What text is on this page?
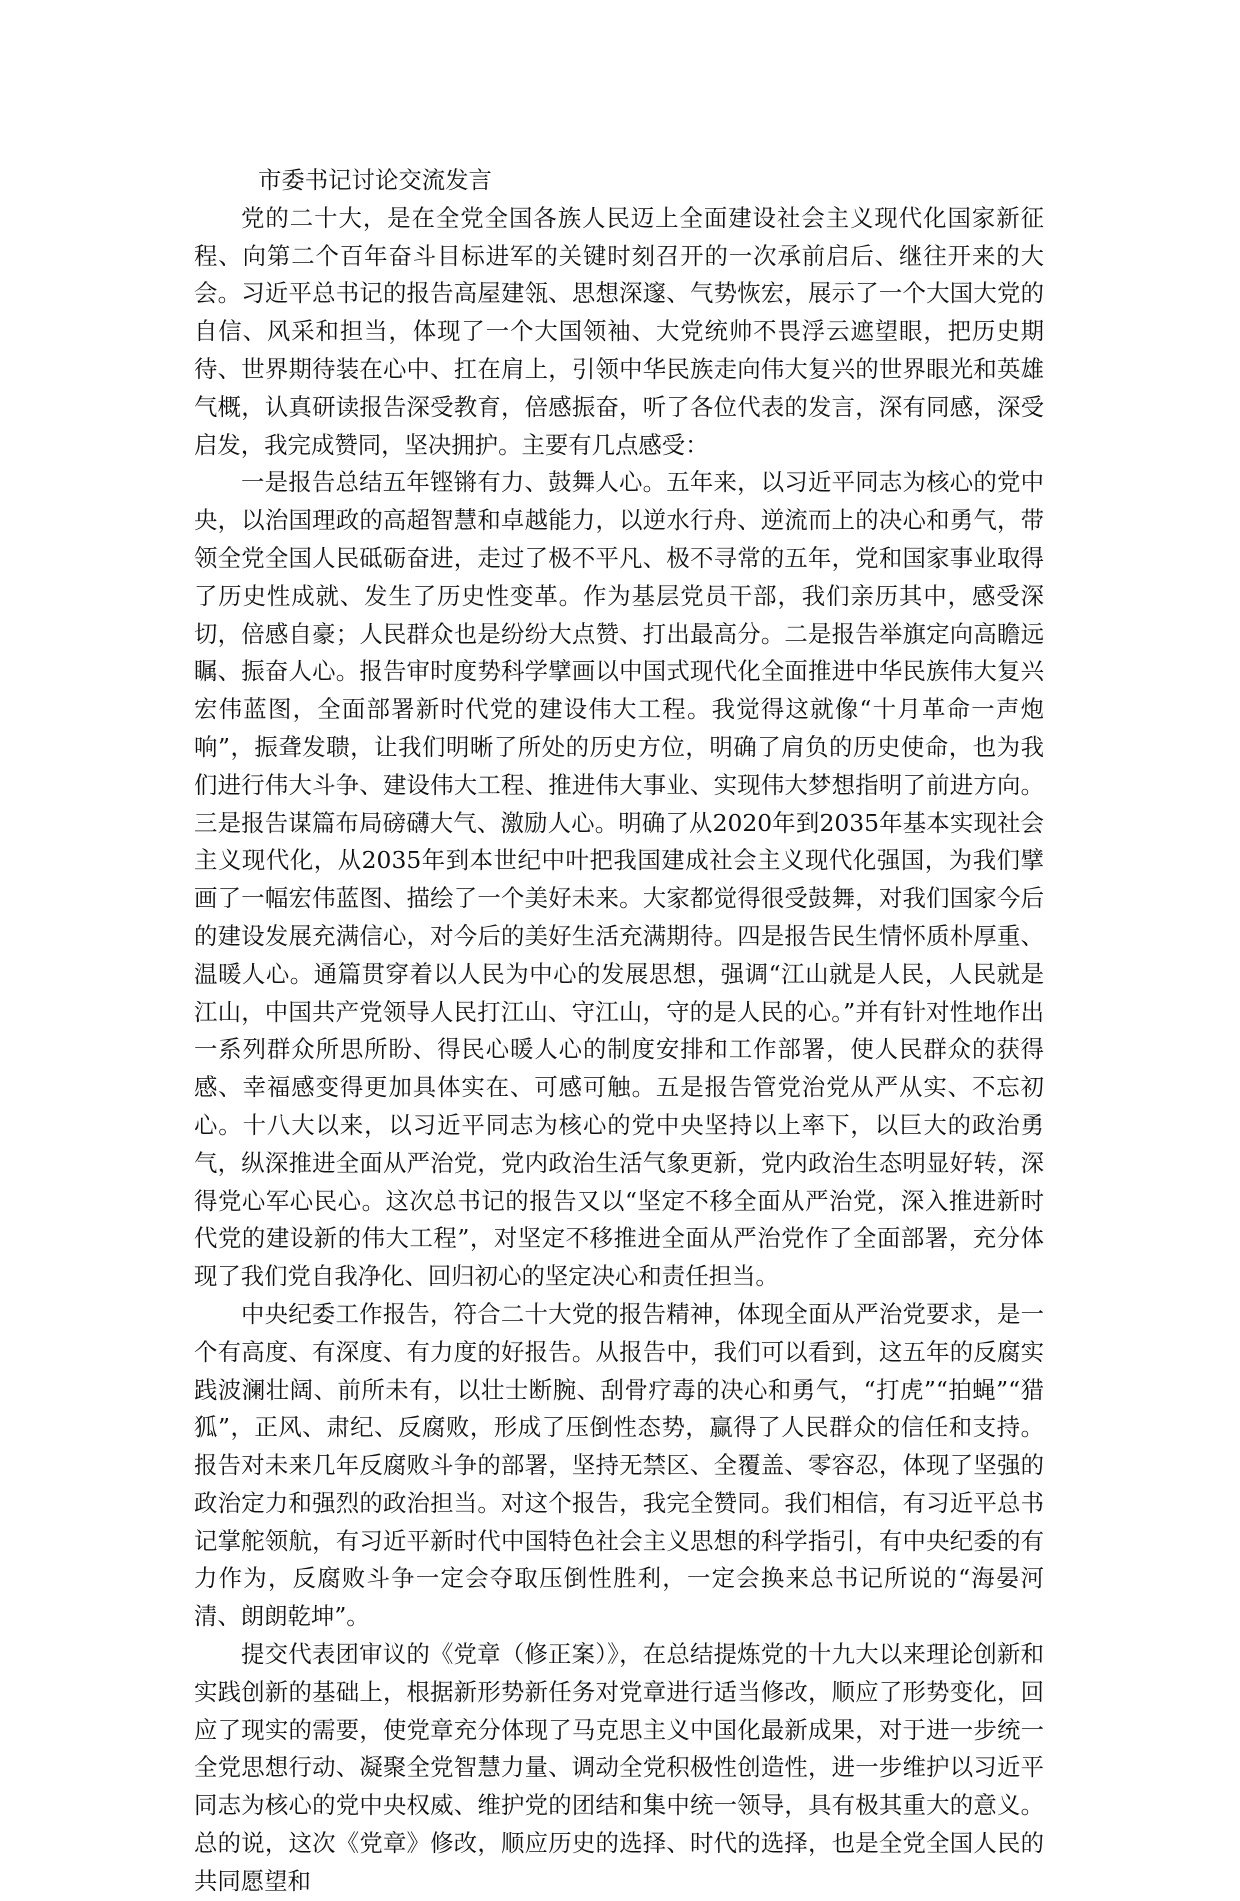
市委书记讨论交流发言

党的二十大，是在全党全国各族人民迈上全面建设社会主义现代化国家新征程、向第二个百年奋斗目标进军的关键时刻召开的一次承前启后、继往开来的大会。习近平总书记的报告高屋建瓴、思想深邃、气势恢宏，展示了一个大国大党的自信、风采和担当，体现了一个大国领袖、大党统帅不畏浮云遮望眼，把历史期待、世界期待装在心中、扛在肩上，引领中华民族走向伟大复兴的世界眼光和英雄气概，认真研读报告深受教育，倍感振奋，听了各位代表的发言，深有同感，深受启发，我完成赞同，坚决拥护。主要有几点感受：

一是报告总结五年铿锵有力、鼓舞人心。五年来，以习近平同志为核心的党中央，以治国理政的高超智慧和卓越能力，以逆水行舟、逆流而上的决心和勇气，带领全党全国人民砥砺奋进，走过了极不平凡、极不寻常的五年，党和国家事业取得了历史性成就、发生了历史性变革。作为基层党员干部，我们亲历其中，感受深切，倍感自豪；人民群众也是纷纷大点赞、打出最高分。二是报告举旗定向高瞻远瞩、振奋人心。报告审时度势科学擘画以中国式现代化全面推进中华民族伟大复兴宏伟蓝图，全面部署新时代党的建设伟大工程。我觉得这就像“十月革命一声炮响”，振聋发聩，让我们明晰了所处的历史方位，明确了肩负的历史使命，也为我们进行伟大斗争、建设伟大工程、推进伟大事业、实现伟大梦想指明了前进方向。三是报告谋篇布局磅礴大气、激励人心。明确了从2020年到2035年基本实现社会主义现代化，从2035年到本世纪中叶把我国建成社会主义现代化强国，为我们擘画了一幅宏伟蓝图、描绘了一个美好未来。大家都觉得很受鼓舞，对我们国家今后的建设发展充满信心，对今后的美好生活充满期待。四是报告民生情怀质朴厚重、温暖人心。通篇贯穿着以人民为中心的发展思想，强调“江山就是人民，人民就是江山，中国共产党领导人民打江山、守江山，守的是人民的心。”并有针对性地作出一系列群众所思所盼、得民心暖人心的制度安排和工作部署，使人民群众的获得感、幸福感变得更加具体实在、可感可触。五是报告管党治党从严从实、不忘初心。十八大以来，以习近平同志为核心的党中央坚持以上率下，以巨大的政治勇气，纵深推进全面从严治党，党内政治生活气象更新，党内政治生态明显好转，深得党心军心民心。这次总书记的报告又以“坚定不移全面从严治党，深入推进新时代党的建设新的伟大工程”，对坚定不移推进全面从严治党作了全面部署，充分体现了我们党自我净化、回归初心的坚定决心和责任担当。

中央纪委工作报告，符合二十大党的报告精神，体现全面从严治党要求，是一个有高度、有深度、有力度的好报告。从报告中，我们可以看到，这五年的反腐实践波澜壮阔、前所未有，以壮士断腕、刮骨疗毒的决心和勇气，“打虎”“拍蝇”“猎狐”，正风、肃纪、反腐败，形成了压倒性态势，赢得了人民群众的信任和支持。报告对未来几年反腐败斗争的部署，坚持无禁区、全覆盖、零容忍，体现了坚强的政治定力和强烈的政治担当。对这个报告，我完全赞同。我们相信，有习近平总书记掌舵领航，有习近平新时代中国特色社会主义思想的科学指引，有中央纪委的有力作为，反腐败斗争一定会夺取压倒性胜利，一定会换来总书记所说的“海晏河清、朗朗乾坤”。

提交代表团审议的《党章（修正案）》，在总结提炼党的十九大以来理论创新和实践创新的基础上，根据新形势新任务对党章进行适当修改，顺应了形势变化，回应了现实的需要，使党章充分体现了马克思主义中国化最新成果，对于进一步统一全党思想行动、凝聚全党智慧力量、调动全党积极性创造性，进一步维护以习近平同志为核心的党中央权威、维护党的团结和集中统一领导，具有极其重大的意义。总的说，这次《党章》修改，顺应历史的选择、时代的选择，也是全党全国人民的共同愿望和
